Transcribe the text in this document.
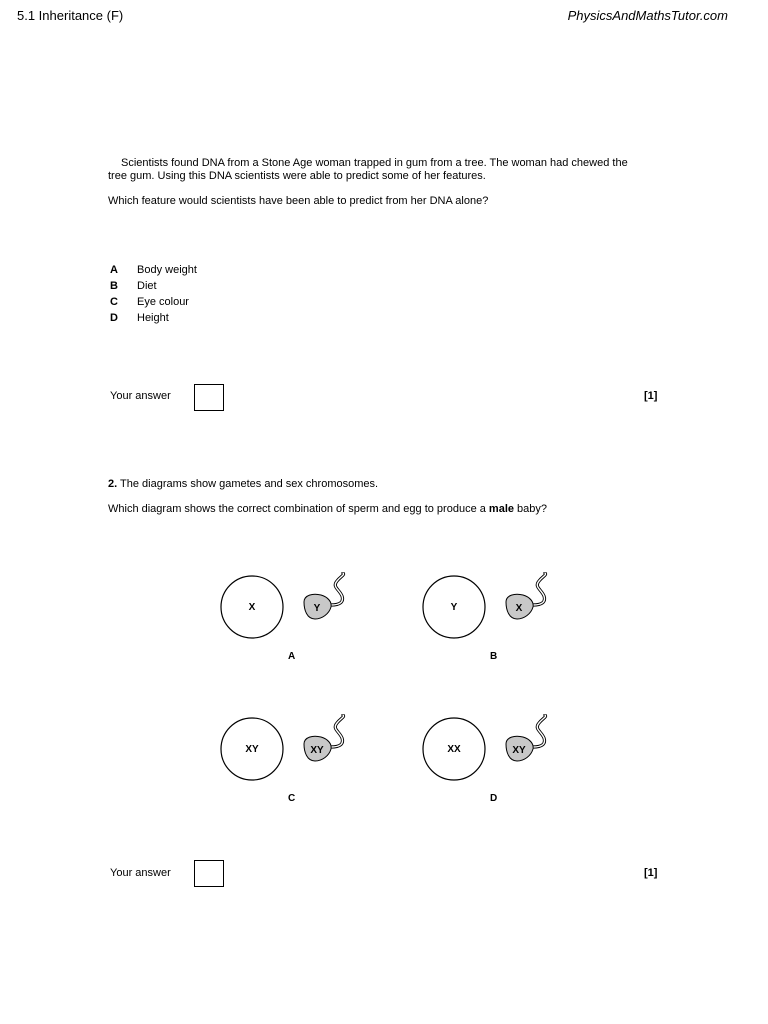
5.1 Inheritance (F)	PhysicsAndMathsTutor.com
Scientists found DNA from a Stone Age woman trapped in gum from a tree. The woman had chewed the
tree gum. Using this DNA scientists were able to predict some of her features.
Which feature would scientists have been able to predict from her DNA alone?
A Body weight
B Diet
C Eye colour
D Height
Your answer	[1]
2. The diagrams show gametes and sex chromosomes.
Which diagram shows the correct combination of sperm and egg to produce a male baby?
X	Y
A
Y	X
B
XY	XY
C
XX	XY
D
Your answer	[1]
